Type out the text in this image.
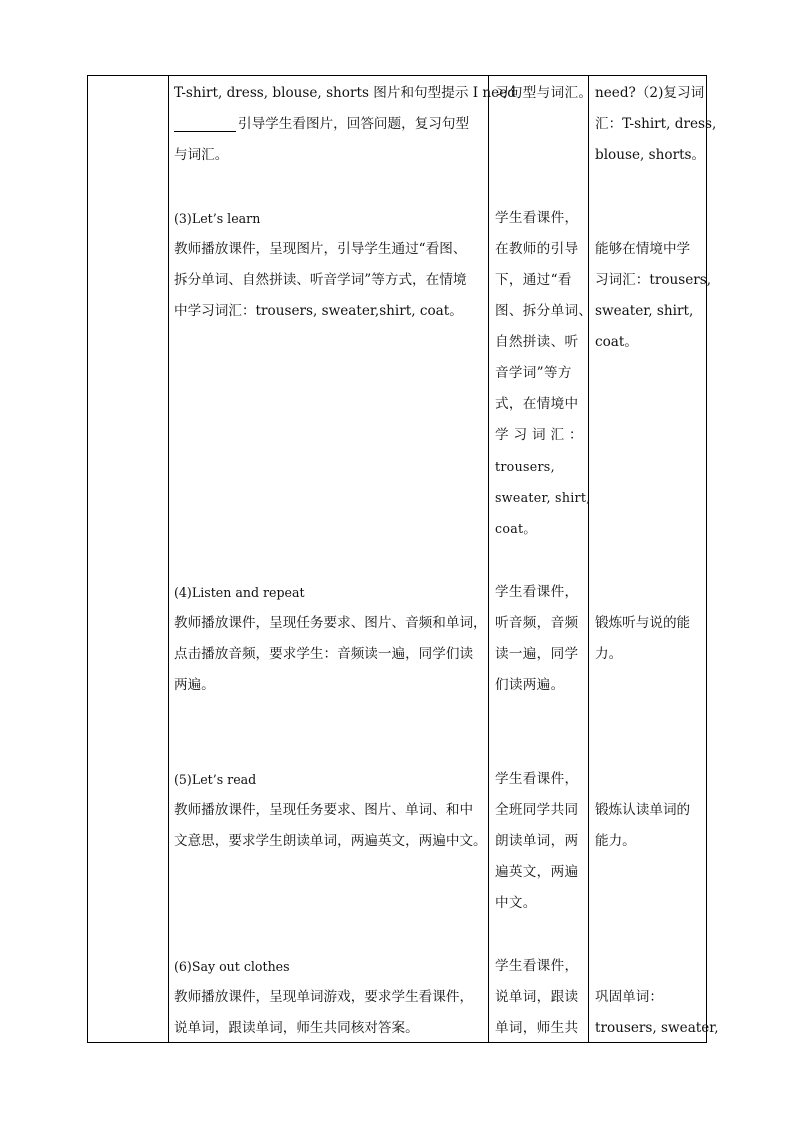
T-shirt, dress, blouse, shorts 图片和句型提示 I need
引导学生看图片，回答问题，复习句型
与词汇。
(3)Let’s learn
教师播放课件，呈现图片，引导学生通过“看图、
拆分单词、自然拼读、听音学词”等方式，在情境
中学习词汇：trousers, sweater,shirt, coat。
(4)Listen and repeat
教师播放课件，呈现任务要求、图片、音频和单词，
点击播放音频，要求学生：音频读一遍，同学们读
两遍。
(5)Let’s read
教师播放课件，呈现任务要求、图片、单词、和中
文意思，要求学生朗读单词，两遍英文，两遍中文。
(6)Say out clothes
教师播放课件，呈现单词游戏，要求学生看课件，
说单词，跟读单词，师生共同核对答案。
习句型与词汇。
学生看课件，
在教师的引导
下，通过“看
图、拆分单词、
自然拼读、听
音学词”等方
式，在情境中
学 习 词 汇 ：
trousers,
sweater, shirt,
coat。
学生看课件，
听音频，音频
读一遍，同学
们读两遍。
学生看课件，
全班同学共同
朗读单词，两
遍英文，两遍
中文。
学生看课件，
说单词，跟读
单词，师生共
need?（2)复习词
汇：T-shirt, dress,
blouse, shorts。
能够在情境中学
习词汇：trousers,
sweater, shirt,
coat。
锻炼听与说的能
力。
锻炼认读单词的
能力。
巩固单词：
trousers, sweater,
